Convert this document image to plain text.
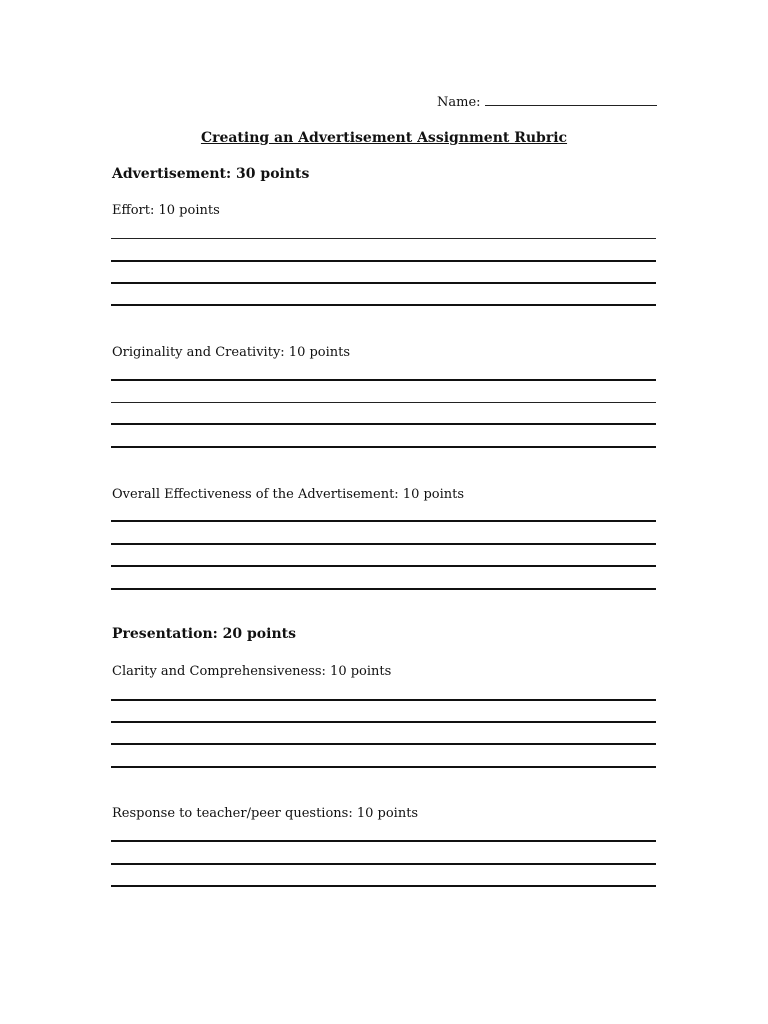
Name:
Creating an Advertisement Assignment Rubric
Advertisement: 30 points
Effort: 10 points
Originality and Creativity: 10 points
Overall Effectiveness of the Advertisement: 10 points
Presentation: 20 points
Clarity and Comprehensiveness: 10 points
Response to teacher/peer questions: 10 points
